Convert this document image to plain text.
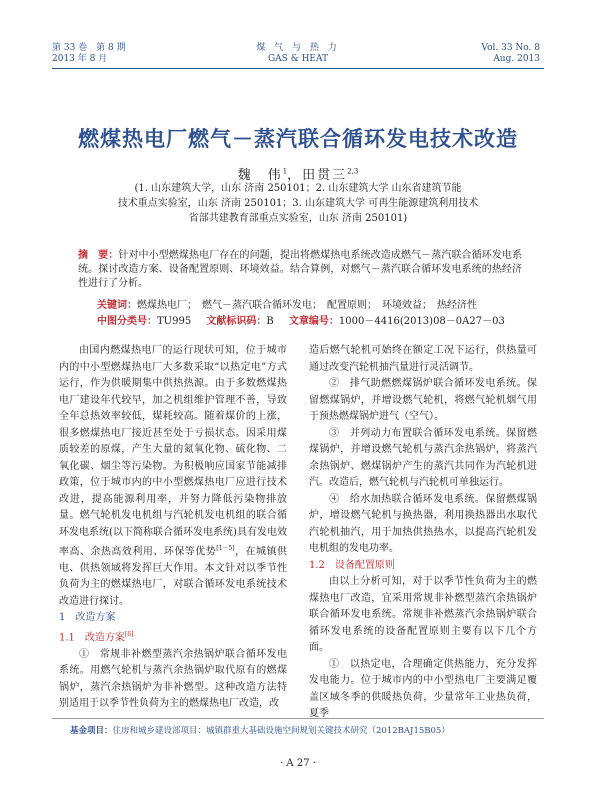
第 33 卷　第 8 期
2013 年 8 月
煤 气 与 热 力
GAS & HEAT
Vol. 33 No. 8
Aug. 2013
燃煤热电厂燃气－蒸汽联合循环发电技术改造
魏　伟$^1$，田贯三$^{2,3}$
(1. 山东建筑大学，山东 济南 250101；2. 山东建筑大学 山东省建筑节能
技术重点实验室，山东 济南 250101；3. 山东建筑大学 可再生能源建筑利用技术
省部共建教育部重点实验室，山东 济南 250101)
摘　要：针对中小型燃煤热电厂存在的问题，提出将燃煤热电系统改造成燃气－蒸汽联合循环发电系统。探讨改造方案、设备配置原则、环境效益。结合算例，对燃气－蒸汽联合循环发电系统的热经济性进行了分析。
关键词：燃煤热电厂；　燃气－蒸汽联合循环发电；　配置原则；　环境效益；　热经济性
中图分类号：TU995 文献标识码：B 文章编号：1000－4416(2013)08－0A27－03

由国内燃煤热电厂的运行现状可知，位于城市内的中小型燃煤热电厂大多数采取“以热定电”方式运行，作为供暖期集中供热热源。由于多数燃煤热电厂建设年代较早，加之机组维护管理不善，导致全年总热效率较低，煤耗较高。随着煤价的上涨，很多燃煤热电厂接近甚至处于亏损状态。因采用煤质较差的原煤，产生大量的氮氧化物、硫化物、二氧化碳、烟尘等污染物。为积极响应国家节能减排政策，位于城市内的中小型燃煤热电厂应进行技术改进，提高能源利用率，并努力降低污染物排放量。燃气轮机发电机组与汽轮机发电机组的联合循环发电系统(以下简称联合循环发电系统)具有发电效率高、余热高效利用、环保等优势[1－5]，在城镇供电、供热领域将发挥巨大作用。本文针对以季节性负荷为主的燃煤热电厂，对联合循环发电系统技术改造进行探讨。

1　改造方案

1.1　改造方案[6]

①　常规非补燃型蒸汽余热锅炉联合循环发电系统。用燃气轮机与蒸汽余热锅炉取代原有的燃煤锅炉，蒸汽余热锅炉为非补燃型。这种改造方法特别适用于以季节性负荷为主的燃煤热电厂改造，改

造后燃气轮机可始终在额定工况下运行，供热量可通过改变汽轮机抽汽量进行灵活调节。

②　排气助燃燃煤锅炉联合循环发电系统。保留燃煤锅炉，并增设燃气轮机，将燃气轮机烟气用于预热燃煤锅炉进气（空气）。

③　并列动力布置联合循环发电系统。保留燃煤锅炉，并增设燃气轮机与蒸汽余热锅炉，将蒸汽余热锅炉、燃煤锅炉产生的蒸汽共同作为汽轮机进汽。改造后，燃气轮机与汽轮机可单独运行。

④　给水加热联合循环发电系统。保留燃煤锅炉，增设燃气轮机与换热器，利用换热器出水取代汽轮机抽汽，用于加热供热热水，以提高汽轮机发电机组的发电功率。

1.2　设备配置原则

由以上分析可知，对于以季节性负荷为主的燃煤热电厂改造，宜采用常规非补燃型蒸汽余热锅炉联合循环发电系统。常规非补燃蒸汽余热锅炉联合循环发电系统的设备配置原则主要有以下几个方面。

①　以热定电，合理确定供热能力，充分发挥发电能力。位于城市内的中小型热电厂主要满足覆盖区域冬季的供暖热负荷，少量常年工业热负荷，夏季

基金项目：住房和城乡建设部项目：城镇群重大基础设施空间规划关键技术研究（2012BAJ15B05）
· A 27 ·
